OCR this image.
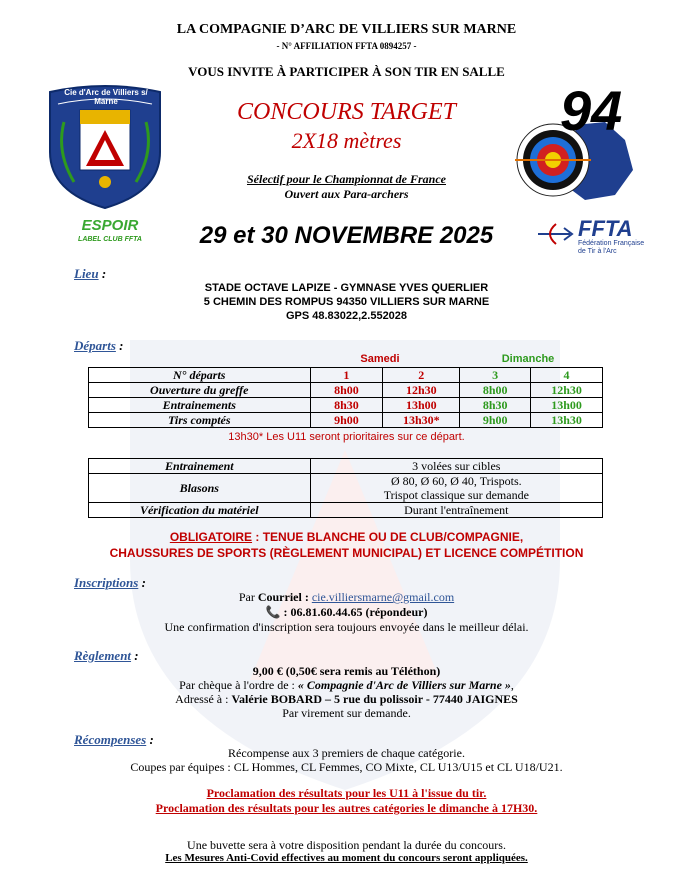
LA COMPAGNIE D’ARC DE VILLIERS SUR MARNE
- N° AFFILIATION FFTA 0894257 -
VOUS INVITE À PARTICIPER À SON TIR EN SALLE
Cie d'Arc de Villiers s/ Marne
ESPOIR
LABEL CLUB FFTA
CONCOURS TARGET
2X18 mètres
Sélectif pour le Championnat de France
Ouvert aux Para-archers
29 et 30 NOVEMBRE 2025
94
FFTA
Fédération Française
de Tir à l'Arc
Lieu :
STADE OCTAVE LAPIZE - GYMNASE YVES QUERLIER
5 CHEMIN DES ROMPUS 94350 VILLIERS SUR MARNE
GPS 48.83022,2.552028
Départs :
Samedi	Dimanche
N° départs	1	2	3	4
Ouverture du greffe	8h00	12h30	8h00	12h30
Entrainements	8h30	13h00	8h30	13h00
Tirs comptés	9h00	13h30*	9h00	13h30
13h30* Les U11 seront prioritaires sur ce départ.
Entrainement	3 volées sur cibles
Blasons	Ø 80, Ø 60, Ø 40, Trispots.
Trispot classique sur demande

Vérification du matériel	Durant l'entraînement
OBLIGATOIRE : TENUE BLANCHE OU DE CLUB/COMPAGNIE,
CHAUSSURES DE SPORTS (RÈGLEMENT MUNICIPAL) ET LICENCE COMPÉTITION
Inscriptions :
Par Courriel : cie.villiersmarne@gmail.com
📞 : 06.81.60.44.65 (répondeur)
Une confirmation d'inscription sera toujours envoyée dans le meilleur délai.
Règlement :
9,00 € (0,50€ sera remis au Téléthon)
Par chèque à l'ordre de : « Compagnie d'Arc de Villiers sur Marne »,
Adressé à : Valérie BOBARD – 5 rue du polissoir - 77440 JAIGNES
Par virement sur demande.
Récompenses :
Récompense aux 3 premiers de chaque catégorie.
Coupes par équipes : CL Hommes, CL Femmes, CO Mixte, CL U13/U15 et CL U18/U21.
Proclamation des résultats pour les U11 à l'issue du tir.
Proclamation des résultats pour les autres catégories le dimanche à 17H30.
Une buvette sera à votre disposition pendant la durée du concours.
Les Mesures Anti-Covid effectives au moment du concours seront appliquées.
